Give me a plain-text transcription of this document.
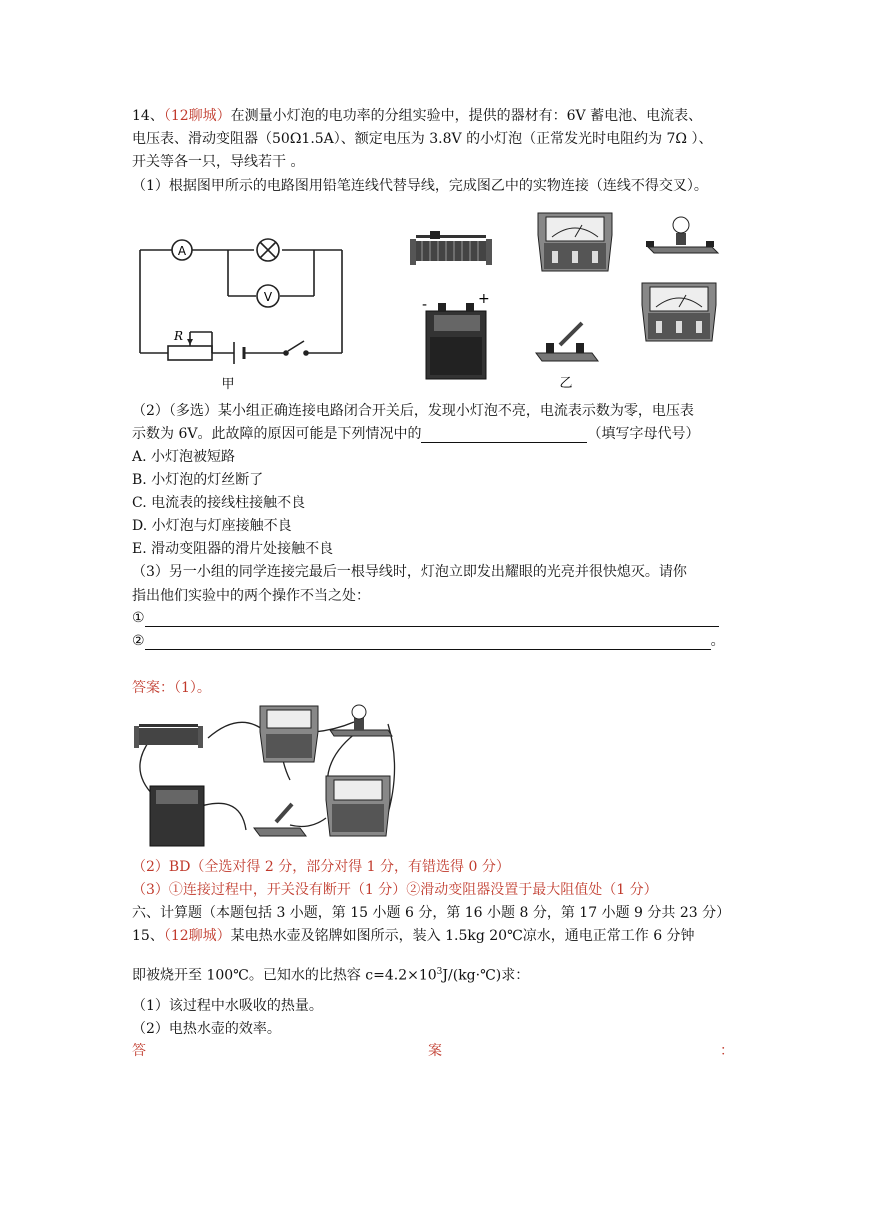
14、（12聊城）在测量小灯泡的电功率的分组实验中，提供的器材有：6V 蓄电池、电流表、
电压表、滑动变阻器（50Ω1.5A）、额定电压为 3.8V 的小灯泡（正常发光时电阻约为 7Ω ）、
开关等各一只，导线若干 。
（1）根据图甲所示的电路图用铅笔连线代替导线，完成图乙中的实物连接（连线不得交叉）。
A
V
R
甲
-	+
乙
（2）（多选）某小组正确连接电路闭合开关后，发现小灯泡不亮，电流表示数为零，电压表
示数为 6V。此故障的原因可能是下列情况中的	（填写字母代号）
A. 小灯泡被短路
B. 小灯泡的灯丝断了
C. 电流表的接线柱接触不良
D. 小灯泡与灯座接触不良
E. 滑动变阻器的滑片处接触不良
（3）另一小组的同学连接完最后一根导线时，灯泡立即发出耀眼的光亮并很快熄灭。请你
指出他们实验中的两个操作不当之处：
①
②	。
答案：（1）。
（2）BD（全选对得 2 分，部分对得 1 分，有错选得 0 分）
（3）①连接过程中，开关没有断开（1 分）②滑动变阻器没置于最大阻值处（1 分）
六、计算题（本题包括 3 小题，第 15 小题 6 分，第 16 小题 8 分，第 17 小题 9 分共 23 分）
15、（12聊城）某电热水壶及铭牌如图所示，装入 1.5kg 20℃凉水，通电正常工作 6 分钟
即被烧开至 100℃。已知水的比热容 $c=4.2\times 10^3J/(kg\cdot℃)$求：
（1）该过程中水吸收的热量。
（2）电热水壶的效率。
答	案	：
